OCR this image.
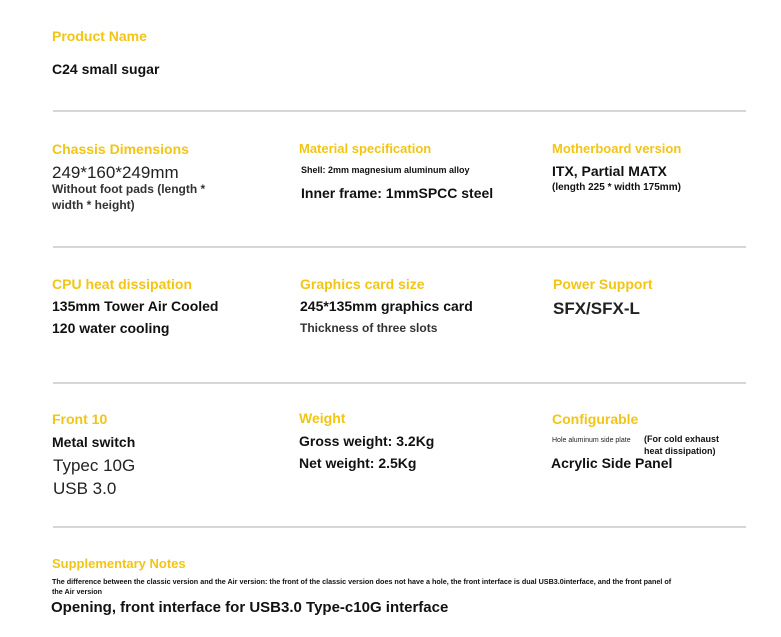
Product Name
C24 small sugar
Chassis Dimensions
249*160*249mm
Without foot pads (length *
width * height)
Material specification
Shell: 2mm magnesium aluminum alloy
Inner frame: 1mmSPCC steel
Motherboard version
ITX, Partial MATX
(length 225 * width 175mm)
CPU heat dissipation
135mm Tower Air Cooled
120 water cooling
Graphics card size
245*135mm graphics card
Thickness of three slots
Power Support
SFX/SFX-L
Front 10
Metal switch
Typec 10G
USB 3.0
Weight
Gross weight: 3.2Kg
Net weight: 2.5Kg
Configurable
Hole aluminum side plate (For cold exhaust
heat dissipation)
Acrylic Side Panel
Supplementary Notes
The difference between the classic version and the Air version: the front of the classic version does not have a hole, the front interface is dual USB3.0interface, and the front panel of
the Air version
Opening, front interface for USB3.0 Type-c10G interface
